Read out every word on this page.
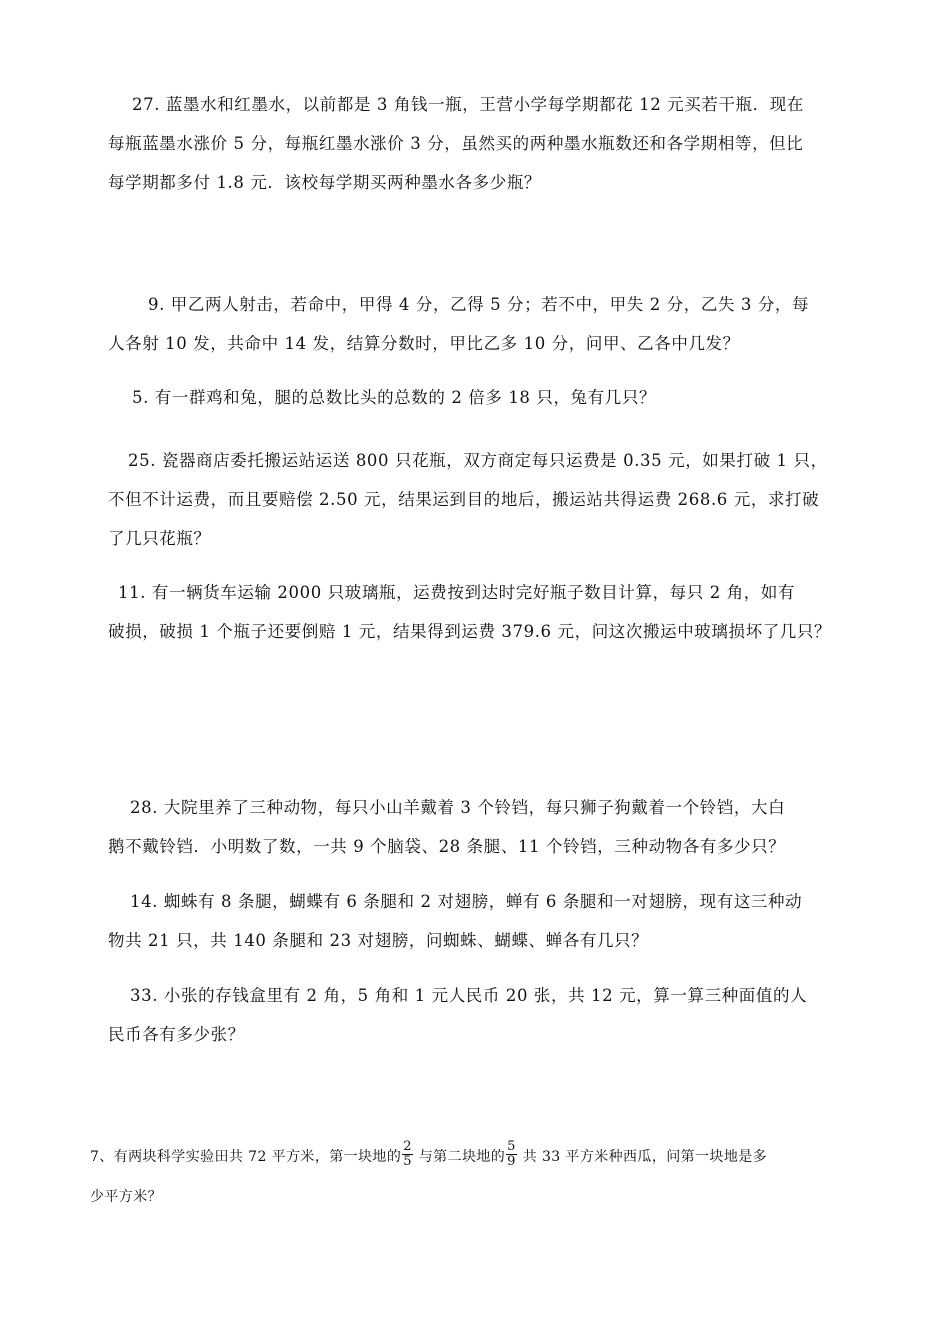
27. 蓝墨水和红墨水，以前都是 3 角钱一瓶，王营小学每学期都花 12 元买若干瓶．现在
每瓶蓝墨水涨价 5 分，每瓶红墨水涨价 3 分，虽然买的两种墨水瓶数还和各学期相等，但比
每学期都多付 1.8 元．该校每学期买两种墨水各多少瓶？
9. 甲乙两人射击，若命中，甲得 4 分，乙得 5 分；若不中，甲失 2 分，乙失 3 分，每
人各射 10 发，共命中 14 发，结算分数时，甲比乙多 10 分，问甲、乙各中几发？
5. 有一群鸡和兔，腿的总数比头的总数的 2 倍多 18 只，兔有几只？
25. 瓷器商店委托搬运站运送 800 只花瓶，双方商定每只运费是 0.35 元，如果打破 1 只，
不但不计运费，而且要赔偿 2.50 元，结果运到目的地后，搬运站共得运费 268.6 元，求打破
了几只花瓶？
11. 有一辆货车运输 2000 只玻璃瓶，运费按到达时完好瓶子数目计算，每只 2 角，如有
破损，破损 1 个瓶子还要倒赔 1 元，结果得到运费 379.6 元，问这次搬运中玻璃损坏了几只？
28. 大院里养了三种动物，每只小山羊戴着 3 个铃铛，每只狮子狗戴着一个铃铛，大白
鹅不戴铃铛．小明数了数，一共 9 个脑袋、28 条腿、11 个铃铛，三种动物各有多少只？
14. 蜘蛛有 8 条腿，蝴蝶有 6 条腿和 2 对翅膀，蝉有 6 条腿和一对翅膀，现有这三种动
物共 21 只，共 140 条腿和 23 对翅膀，问蜘蛛、蝴蝶、蝉各有几只？
33. 小张的存钱盒里有 2 角，5 角和 1 元人民币 20 张，共 12 元，算一算三种面值的人
民币各有多少张？
7、有两块科学实验田共 72 平方米，第一块地的 $\frac{2}{5}$ 与第二块地的 $\frac{5}{9}$ 共 33 平方米种西瓜，问第一块地是多
少平方米？
